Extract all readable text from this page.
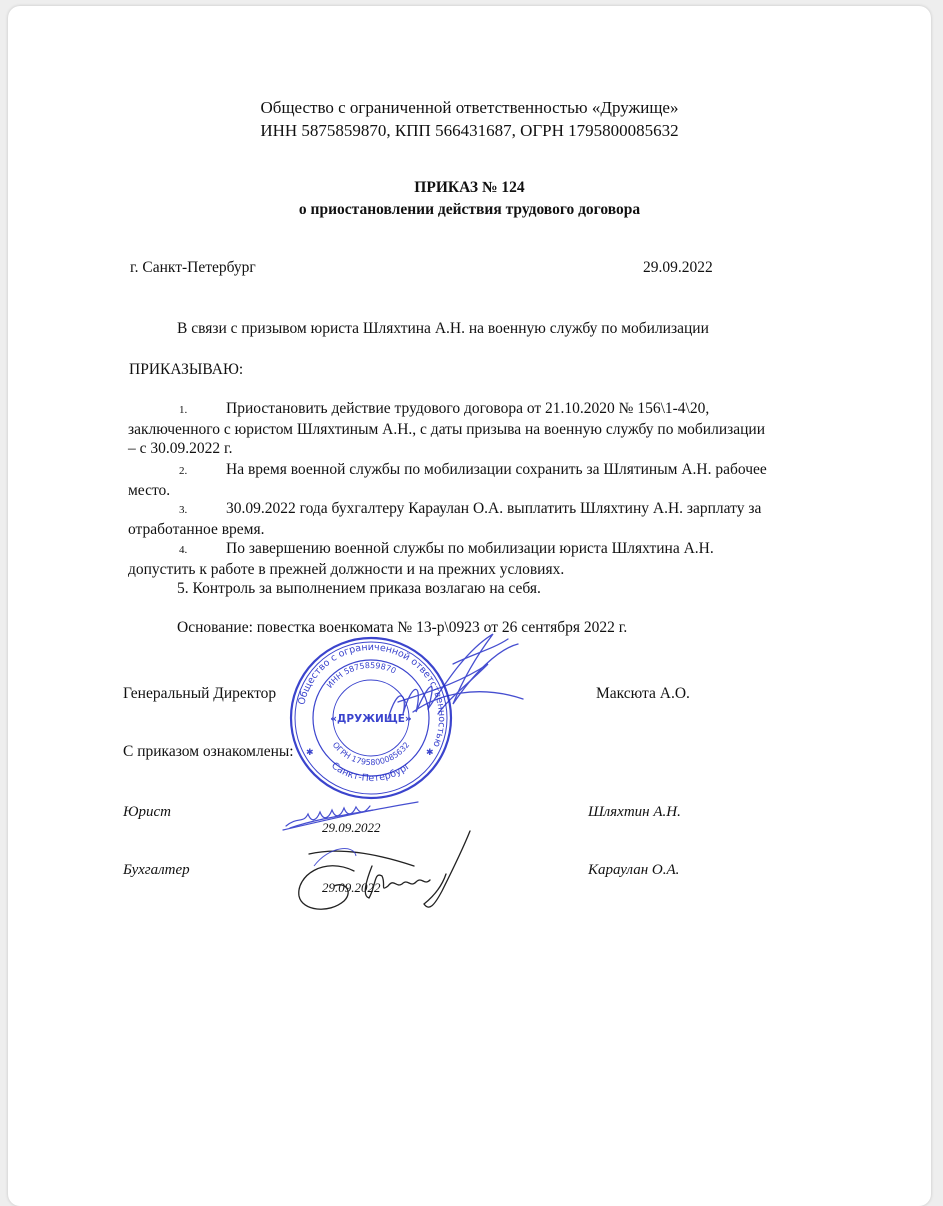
Общество с ограниченной ответственностью «Дружище»
ИНН 5875859870, КПП 566431687, ОГРН 1795800085632
ПРИКАЗ № 124
о приостановлении действия трудового договора
г. Санкт-Петербург	29.09.2022
В связи с призывом юриста Шляхтина А.Н. на военную службу по мобилизации
ПРИКАЗЫВАЮ:
1.	Приостановить действие трудового договора от 21.10.2020 № 156\1-4\20, заключенного с юристом Шляхтиным А.Н., с даты призыва на военную службу по мобилизации – с 30.09.2022 г.
2.	На время военной службы по мобилизации сохранить за Шлятиным А.Н. рабочее место.
3.	30.09.2022 года бухгалтеру Караулан О.А. выплатить Шляхтину А.Н. зарплату за отработанное время.
4.	По завершению военной службы по мобилизации юриста Шляхтина А.Н. допустить к работе в прежней должности и на прежних условиях.
5. Контроль за выполнением приказа возлагаю на себя.
Основание: повестка военкомата № 13-р\0923 от 26 сентября 2022 г.
Генеральный Директор	Максюта А.О.
С приказом ознакомлены:
Юрист	Шляхтин А.Н.
29.09.2022
Бухгалтер	Караулан О.А.
29.09.2022
Общество с ограниченной ответственностью
ИНН 5875859870
ОГРН 1795800085632
Санкт-Петербург
«ДРУЖИЩЕ»
✱	✱
